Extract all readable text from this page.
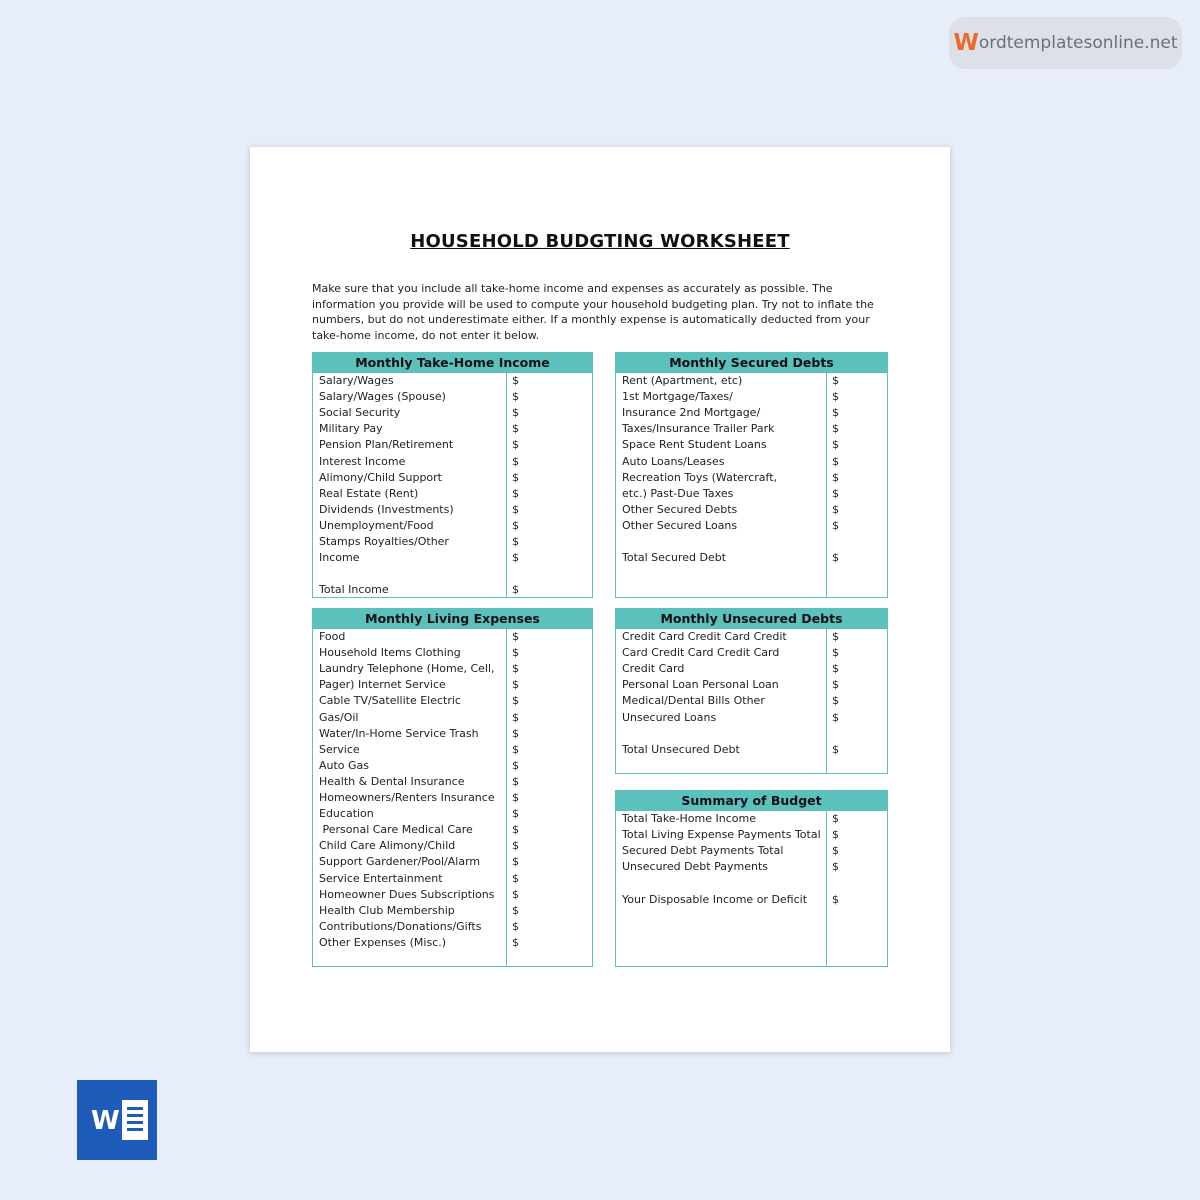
W ordtemplatesonline.net
HOUSEHOLD BUDGTING WORKSHEET
Make sure that you include all take-home income and expenses as accurately as possible. The information you provide will be used to compute your household budgeting plan. Try not to inflate the numbers, but do not underestimate either. If a monthly expense is automatically deducted from your take-home income, do not enter it below.
Monthly Take-Home Income
Salary/Wages	$
Salary/Wages (Spouse)	$
Social Security	$
Military Pay	$
Pension Plan/Retirement	$
Interest Income	$
Alimony/Child Support	$
Real Estate (Rent)	$
Dividends (Investments)	$
Unemployment/Food	$
Stamps Royalties/Other	$
Income	$
Total Income	$
Monthly Secured Debts
Rent (Apartment, etc)	$
1st Mortgage/Taxes/	$
Insurance 2nd Mortgage/	$
Taxes/Insurance Trailer Park	$
Space Rent Student Loans	$
Auto Loans/Leases	$
Recreation Toys (Watercraft,	$
etc.) Past-Due Taxes	$
Other Secured Debts	$
Other Secured Loans	$
Total Secured Debt	$
Monthly Living Expenses
Food	$
Household Items Clothing	$
Laundry Telephone (Home, Cell, $
Pager) Internet Service	$
Cable TV/Satellite Electric	$
Gas/Oil	$
Water/In-Home Service Trash	$
Service	$
Auto Gas	$
Health & Dental Insurance	$
Homeowners/Renters Insurance $
Education	$
Personal Care Medical Care	$
Child Care Alimony/Child	$
Support Gardener/Pool/Alarm	$
Service Entertainment	$
Homeowner Dues Subscriptions $
Health Club Membership	$
Contributions/Donations/Gifts	$
Other Expenses (Misc.)	$
Monthly Unsecured Debts
Credit Card Credit Card Credit	$
Card Credit Card Credit Card	$
Credit Card	$
Personal Loan Personal Loan	$
Medical/Dental Bills Other	$
Unsecured Loans	$
Total Unsecured Debt	$
Summary of Budget
Total Take-Home Income	$
Total Living Expense Payments Total $
Secured Debt Payments Total	$
Unsecured Debt Payments	$
Your Disposable Income or Deficit $
W
